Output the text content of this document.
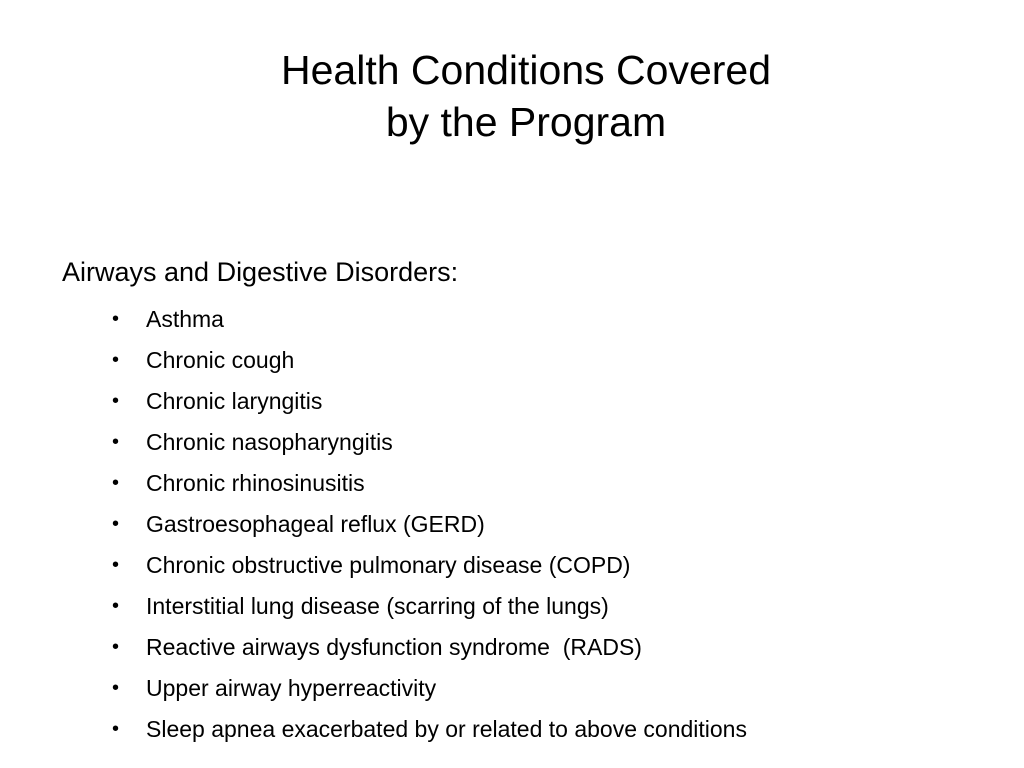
Health Conditions Covered
by the Program
Airways and Digestive Disorders:
• Asthma
• Chronic cough
• Chronic laryngitis
• Chronic nasopharyngitis
• Chronic rhinosinusitis
• Gastroesophageal reflux (GERD)
• Chronic obstructive pulmonary disease (COPD)
• Interstitial lung disease (scarring of the lungs)
• Reactive airways dysfunction syndrome  (RADS)
• Upper airway hyperreactivity
• Sleep apnea exacerbated by or related to above conditions
